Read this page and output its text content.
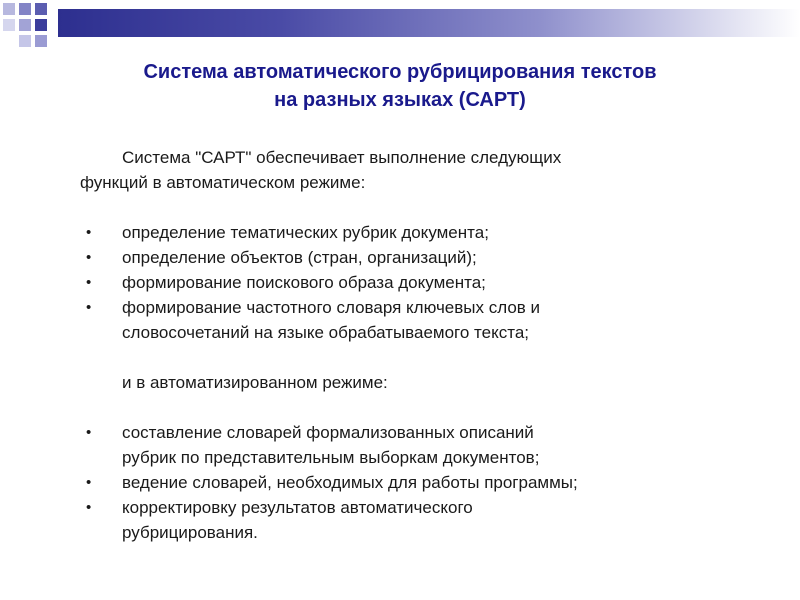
Система автоматического рубрицирования текстов
на разных языках (САРТ)

Система "САРТ" обеспечивает выполнение следующих
функций в автоматическом режиме:

• определение тематических рубрик документа;
• определение объектов (стран, организаций);
• формирование поискового образа документа;
• формирование частотного словаря ключевых слов и
словосочетаний на языке обрабатываемого текста;

и в автоматизированном режиме:

• составление словарей формализованных описаний
рубрик по представительным выборкам документов;
• ведение словарей, необходимых для работы программы;
• корректировку результатов автоматического
рубрицирования.
